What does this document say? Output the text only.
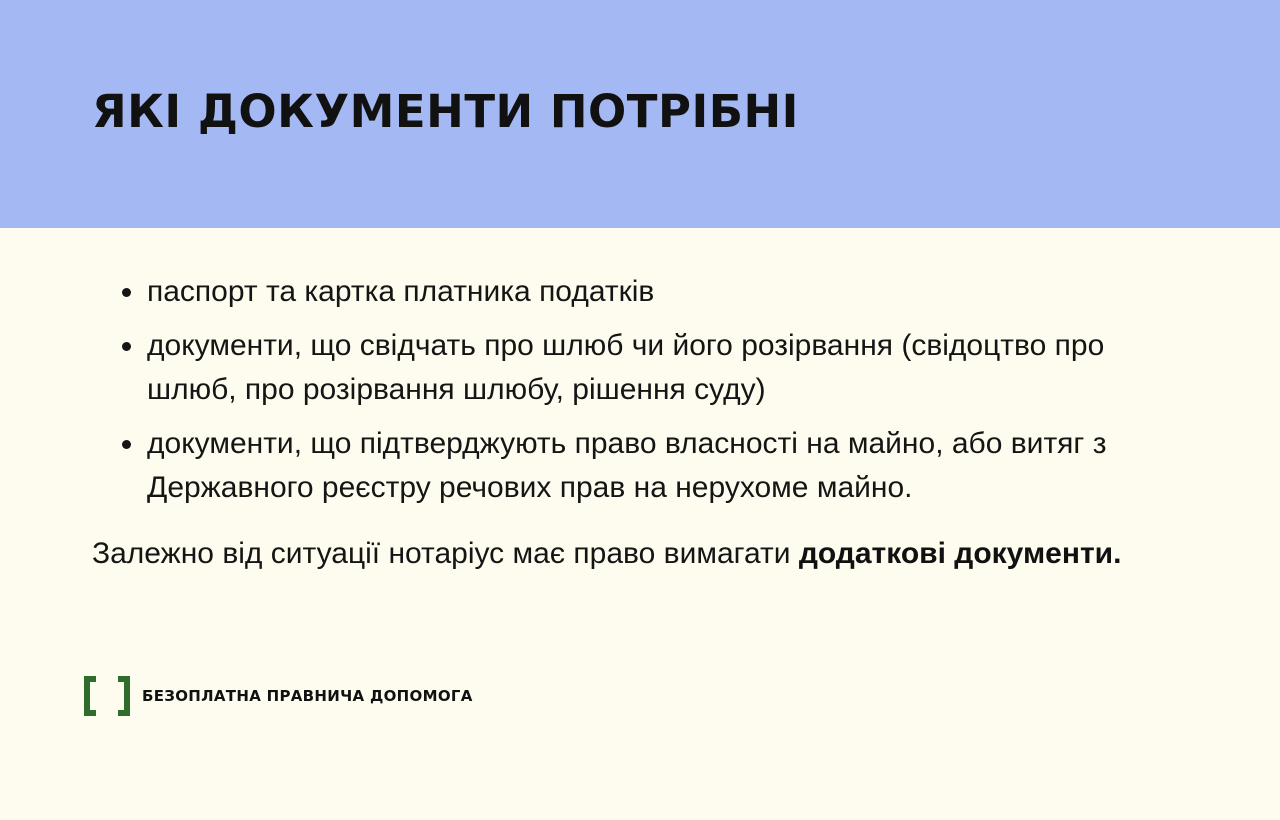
ЯКІ ДОКУМЕНТИ ПОТРІБНІ
паспорт та картка платника податків
документи, що свідчать про шлюб чи його розірвання (свідоцтво про шлюб, про розірвання шлюбу, рішення суду)
документи, що підтверджують право власності на майно, або витяг з Державного реєстру речових прав на нерухоме майно.

Залежно від ситуації нотаріус має право вимагати додаткові документи.

БЕЗОПЛАТНА ПРАВНИЧА ДОПОМОГА
